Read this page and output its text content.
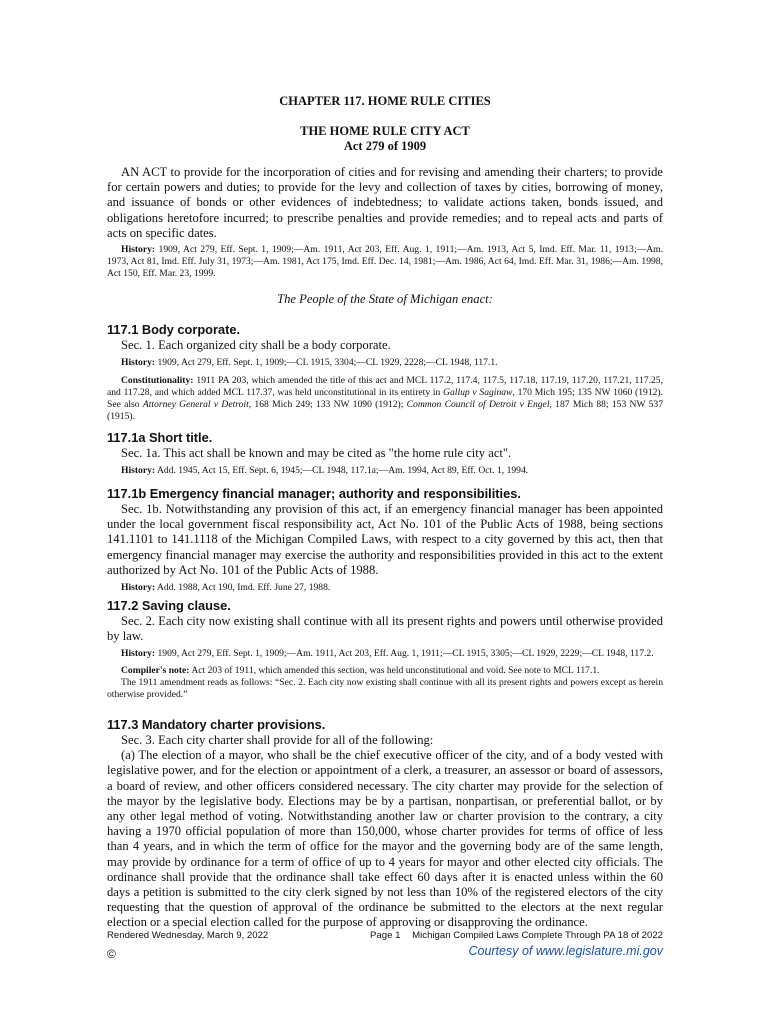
CHAPTER 117. HOME RULE CITIES
THE HOME RULE CITY ACT
Act 279 of 1909

AN ACT to provide for the incorporation of cities and for revising and amending their charters; to provide for certain powers and duties; to provide for the levy and collection of taxes by cities, borrowing of money, and issuance of bonds or other evidences of indebtedness; to validate actions taken, bonds issued, and obligations heretofore incurred; to prescribe penalties and provide remedies; and to repeal acts and parts of acts on specific dates.

History: 1909, Act 279, Eff. Sept. 1, 1909;—Am. 1911, Act 203, Eff. Aug. 1, 1911;—Am. 1913, Act 5, Imd. Eff. Mar. 11, 1913;—Am. 1973, Act 81, Imd. Eff. July 31, 1973;—Am. 1981, Act 175, Imd. Eff. Dec. 14, 1981;—Am. 1986, Act 64, Imd. Eff. Mar. 31, 1986;—Am. 1998, Act 150, Eff. Mar. 23, 1999.

The People of the State of Michigan enact:
117.1 Body corporate.

Sec. 1. Each organized city shall be a body corporate.

History: 1909, Act 279, Eff. Sept. 1, 1909;—CL 1915, 3304;—CL 1929, 2228;—CL 1948, 117.1.

Constitutionality: 1911 PA 203, which amended the title of this act and MCL 117.2, 117.4, 117.5, 117.18, 117.19, 117.20, 117.21, 117.25, and 117.28, and which added MCL 117.37, was held unconstitutional in its entirety in Gallup v Saginaw, 170 Mich 195; 135 NW 1060 (1912). See also Attorney General v Detroit, 168 Mich 249; 133 NW 1090 (1912); Common Council of Detroit v Engel, 187 Mich 88; 153 NW 537 (1915).

117.1a Short title.

Sec. 1a. This act shall be known and may be cited as "the home rule city act".

History: Add. 1945, Act 15, Eff. Sept. 6, 1945;—CL 1948, 117.1a;—Am. 1994, Act 89, Eff. Oct. 1, 1994.

117.1b Emergency financial manager; authority and responsibilities.

Sec. 1b. Notwithstanding any provision of this act, if an emergency financial manager has been appointed under the local government fiscal responsibility act, Act No. 101 of the Public Acts of 1988, being sections 141.1101 to 141.1118 of the Michigan Compiled Laws, with respect to a city governed by this act, then that emergency financial manager may exercise the authority and responsibilities provided in this act to the extent authorized by Act No. 101 of the Public Acts of 1988.

History: Add. 1988, Act 190, Imd. Eff. June 27, 1988.

117.2 Saving clause.

Sec. 2. Each city now existing shall continue with all its present rights and powers until otherwise provided by law.

History: 1909, Act 279, Eff. Sept. 1, 1909;—Am. 1911, Act 203, Eff. Aug. 1, 1911;—CL 1915, 3305;—CL 1929, 2229;—CL 1948, 117.2.

Compiler's note: Act 203 of 1911, which amended this section, was held unconstitutional and void. See note to MCL 117.1.

The 1911 amendment reads as follows: “Sec. 2. Each city now existing shall continue with all its present rights and powers except as herein otherwise provided.”

117.3 Mandatory charter provisions.

Sec. 3. Each city charter shall provide for all of the following:

(a) The election of a mayor, who shall be the chief executive officer of the city, and of a body vested with legislative power, and for the election or appointment of a clerk, a treasurer, an assessor or board of assessors, a board of review, and other officers considered necessary. The city charter may provide for the selection of the mayor by the legislative body. Elections may be by a partisan, nonpartisan, or preferential ballot, or by any other legal method of voting. Notwithstanding another law or charter provision to the contrary, a city having a 1970 official population of more than 150,000, whose charter provides for terms of office of less than 4 years, and in which the term of office for the mayor and the governing body are of the same length, may provide by ordinance for a term of office of up to 4 years for mayor and other elected city officials. The ordinance shall provide that the ordinance shall take effect 60 days after it is enacted unless within the 60 days a petition is submitted to the city clerk signed by not less than 10% of the registered electors of the city requesting that the question of approval of the ordinance be submitted to the electors at the next regular election or a special election called for the purpose of approving or disapproving the ordinance.

Rendered Wednesday, March 9, 2022	Page 1 Michigan Compiled Laws Complete Through PA 18 of 2022
©	Courtesy of www.legislature.mi.gov
